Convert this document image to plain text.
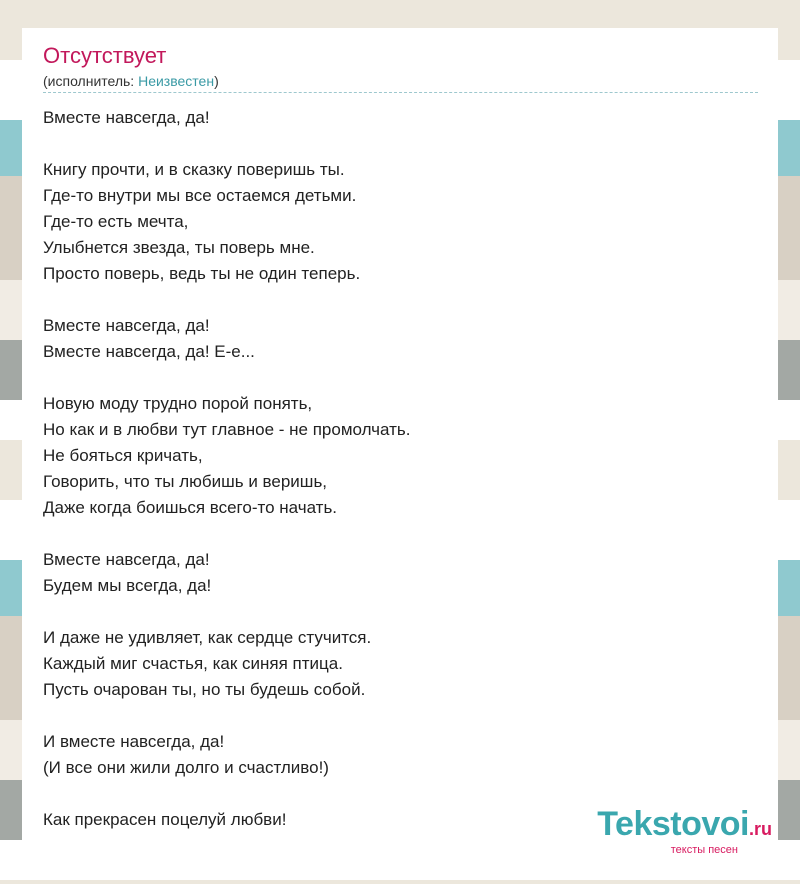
Отсутствует
(исполнитель: Неизвестен)
Вместе навсегда, да!
Книгу прочти, и в сказку поверишь ты.
Где-то внутри мы все остаемся детьми.
Где-то есть мечта,
Улыбнется звезда, ты поверь мне.
Просто поверь, ведь ты не один теперь.
Вместе навсегда, да!
Вместе навсегда, да! Е-е...
Новую моду трудно порой понять,
Но как и в любви тут главное - не промолчать.
Не бояться кричать,
Говорить, что ты любишь и веришь,
Даже когда боишься всего-то начать.
Вместе навсегда, да!
Будем мы всегда, да!
И даже не удивляет, как сердце стучится.
Каждый миг счастья, как синяя птица.
Пусть очарован ты, но ты будешь собой.
И вместе навсегда, да!
(И все они жили долго и счастливо!)
Как прекрасен поцелуй любви!	Tekstovoi.ru
тексты песен
